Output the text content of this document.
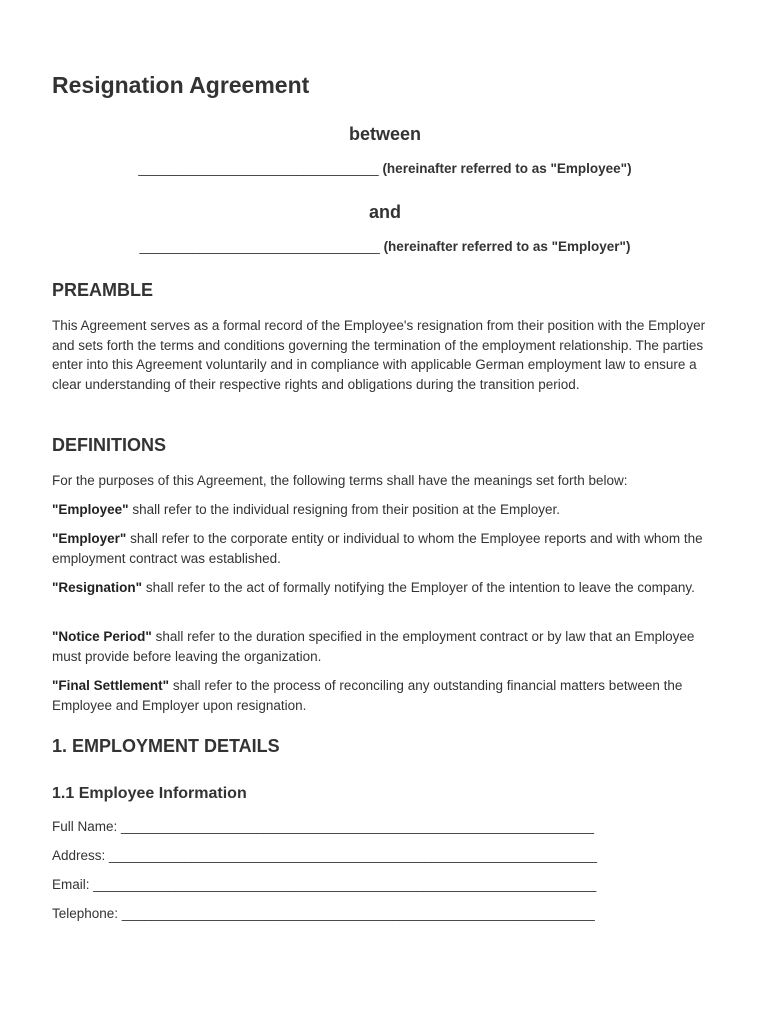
Resignation Agreement
between
________________________________ (hereinafter referred to as "Employee")
and
________________________________ (hereinafter referred to as "Employer")
PREAMBLE

This Agreement serves as a formal record of the Employee's resignation from their position with the Employer and sets forth the terms and conditions governing the termination of the employment relationship. The parties enter into this Agreement voluntarily and in compliance with applicable German employment law to ensure a clear understanding of their respective rights and obligations during the transition period.

DEFINITIONS

For the purposes of this Agreement, the following terms shall have the meanings set forth below:

"Employee" shall refer to the individual resigning from their position at the Employer.

"Employer" shall refer to the corporate entity or individual to whom the Employee reports and with whom the employment contract was established.

"Resignation" shall refer to the act of formally notifying the Employer of the intention to leave the company.

"Notice Period" shall refer to the duration specified in the employment contract or by law that an Employee must provide before leaving the organization.

"Final Settlement" shall refer to the process of reconciling any outstanding financial matters between the Employee and Employer upon resignation.

1. EMPLOYMENT DETAILS
1.1 Employee Information
Full Name: _______________________________________________________________
Address: _________________________________________________________________
Email: ___________________________________________________________________
Telephone: _______________________________________________________________
